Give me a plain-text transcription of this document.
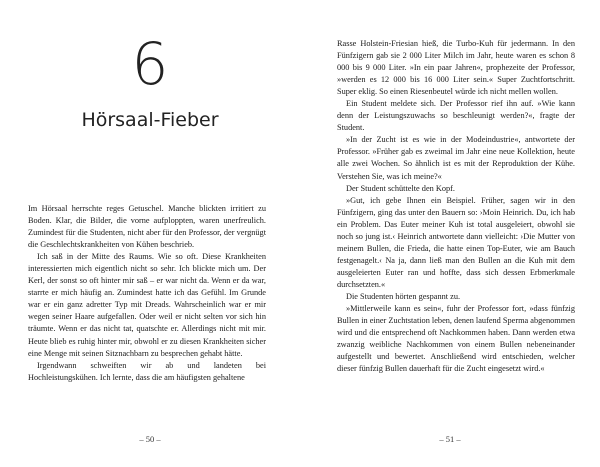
6
Hörsaal-Fieber

Im Hörsaal herrschte reges Getuschel. Manche blickten irritiert zu Boden. Klar, die Bilder, die vorne aufploppten, waren unerfreulich. Zumindest für die Studenten, nicht aber für den Professor, der vergnügt die Geschlechtskrankheiten von Kühen beschrieb.

Ich saß in der Mitte des Raums. Wie so oft. Diese Krankheiten interessierten mich eigentlich nicht so sehr. Ich blickte mich um. Der Kerl, der sonst so oft hinter mir saß – er war nicht da. Wenn er da war, starrte er mich häufig an. Zumindest hatte ich das Gefühl. Im Grunde war er ein ganz adretter Typ mit Dreads. Wahrscheinlich war er mir wegen seiner Haare aufgefallen. Oder weil er nicht selten vor sich hin träumte. Wenn er das nicht tat, quatschte er. Allerdings nicht mit mir. Heute blieb es ruhig hinter mir, obwohl er zu diesen Krankheiten sicher eine Menge mit seinen Sitznachbarn zu besprechen gehabt hätte.

Irgendwann schweiften wir ab und landeten bei Hochleistungskühen. Ich lernte, dass die am häufigsten gehaltene

– 50 –

Rasse Holstein-Friesian hieß, die Turbo-Kuh für jedermann. In den Fünfzigern gab sie 2 000 Liter Milch im Jahr, heute waren es schon 8 000 bis 9 000 Liter. »In ein paar Jahren«, prophezeite der Professor, »werden es 12 000 bis 16 000 Liter sein.« Super Zuchtfortschritt. Super eklig. So einen Riesenbeutel würde ich nicht mellen wollen.

Ein Student meldete sich. Der Professor rief ihn auf. »Wie kann denn der Leistungszuwachs so beschleunigt werden?«, fragte der Student.

»In der Zucht ist es wie in der Modeindustrie«, antwortete der Professor. »Früher gab es zweimal im Jahr eine neue Kollektion, heute alle zwei Wochen. So ähnlich ist es mit der Reproduktion der Kühe. Verstehen Sie, was ich meine?«

Der Student schüttelte den Kopf.

»Gut, ich gebe Ihnen ein Beispiel. Früher, sagen wir in den Fünfzigern, ging das unter den Bauern so: ›Moin Heinrich. Du, ich hab ein Problem. Das Euter meiner Kuh ist total ausgeleiert, obwohl sie noch so jung ist.‹ Heinrich antwortete dann vielleicht: ›Die Mutter von meinem Bullen, die Frieda, die hatte einen Top-Euter, wie am Bauch festgenagelt.‹ Na ja, dann ließ man den Bullen an die Kuh mit dem ausgeleierten Euter ran und hoffte, dass sich dessen Erbmerkmale durchsetzten.«

Die Studenten hörten gespannt zu.

»Mittlerweile kann es sein«, fuhr der Professor fort, »dass fünfzig Bullen in einer Zuchtstation leben, denen laufend Sperma abgenommen wird und die entsprechend oft Nachkommen haben. Dann werden etwa zwanzig weibliche Nachkommen von einem Bullen nebeneinander aufgestellt und bewertet. Anschließend wird entschieden, welcher dieser fünfzig Bullen dauerhaft für die Zucht eingesetzt wird.«

– 51 –
